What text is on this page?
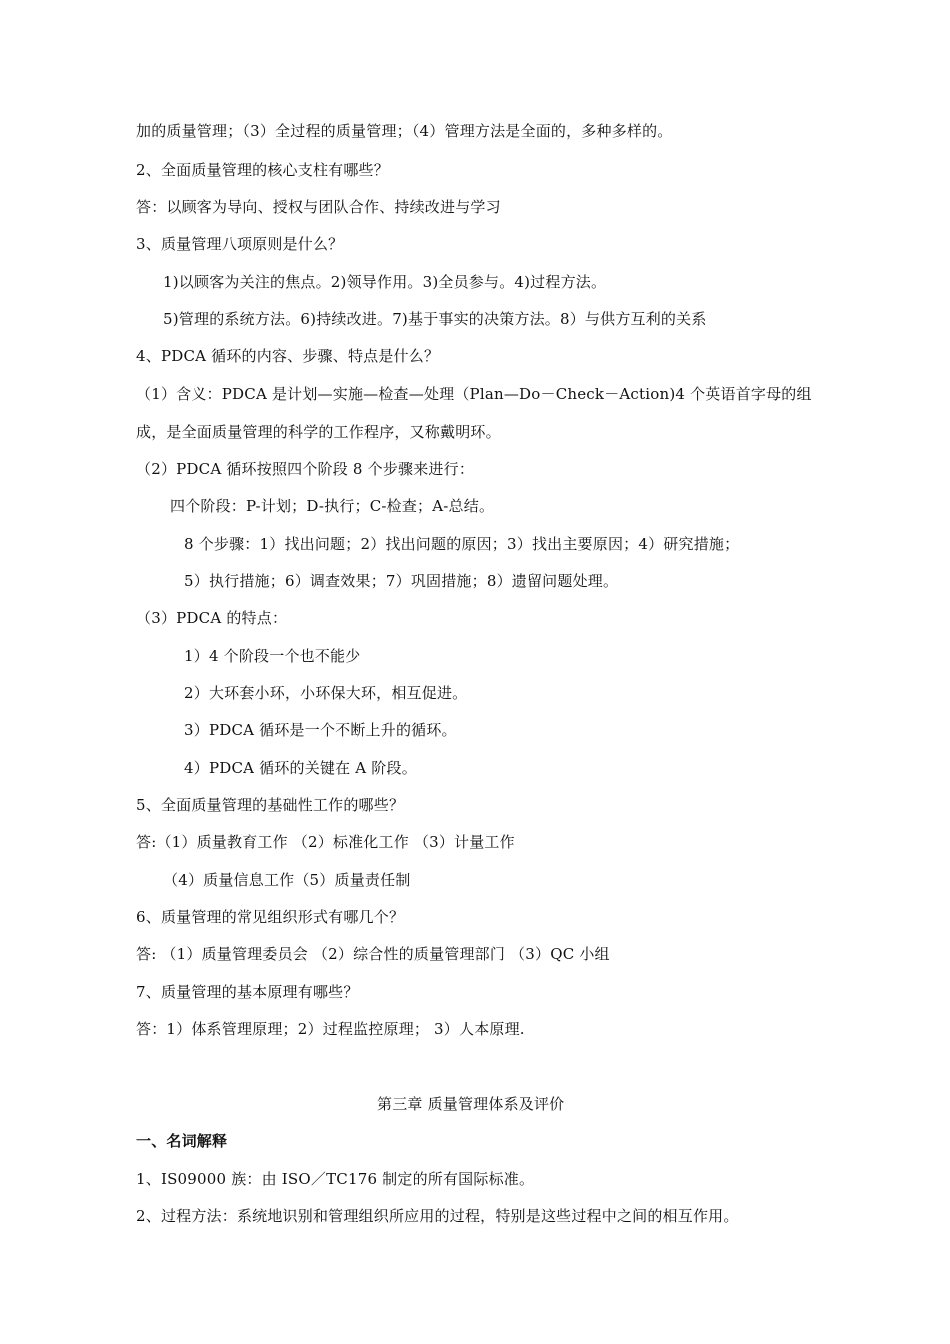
加的质量管理；（3）全过程的质量管理；（4）管理方法是全面的，多种多样的。
2、全面质量管理的核心支柱有哪些？
答：以顾客为导向、授权与团队合作、持续改进与学习
3、质量管理八项原则是什么？
1)以顾客为关注的焦点。2)领导作用。3)全员参与。4)过程方法。
5)管理的系统方法。6)持续改进。7)基于事实的决策方法。8）与供方互利的关系
4、PDCA 循环的内容、步骤、特点是什么？
（1）含义：PDCA 是计划—实施—检查—处理（Plan—Do－Check－Action)4 个英语首字母的组
成，是全面质量管理的科学的工作程序，又称戴明环。
（2）PDCA 循环按照四个阶段 8 个步骤来进行：
四个阶段：P-计划；D-执行；C-检查；A-总结。
8 个步骤：1）找出问题；2）找出问题的原因；3）找出主要原因；4）研究措施；
5）执行措施；6）调查效果；7）巩固措施；8）遗留问题处理。
（3）PDCA 的特点：
1）4 个阶段一个也不能少
2）大环套小环，小环保大环，相互促进。
3）PDCA 循环是一个不断上升的循环。
4）PDCA 循环的关键在 A 阶段。
5、全面质量管理的基础性工作的哪些？
答:（1）质量教育工作 （2）标准化工作 （3）计量工作
（4）质量信息工作（5）质量责任制
6、质量管理的常见组织形式有哪几个？
答: （1）质量管理委员会 （2）综合性的质量管理部门 （3）QC 小组
7、质量管理的基本原理有哪些？
答：1）体系管理原理；2）过程监控原理； 3）人本原理.
第三章 质量管理体系及评价
一、名词解释
1、IS09000 族：由 ISO／TC176 制定的所有国际标准。
2、过程方法：系统地识别和管理组织所应用的过程，特别是这些过程中之间的相互作用。
